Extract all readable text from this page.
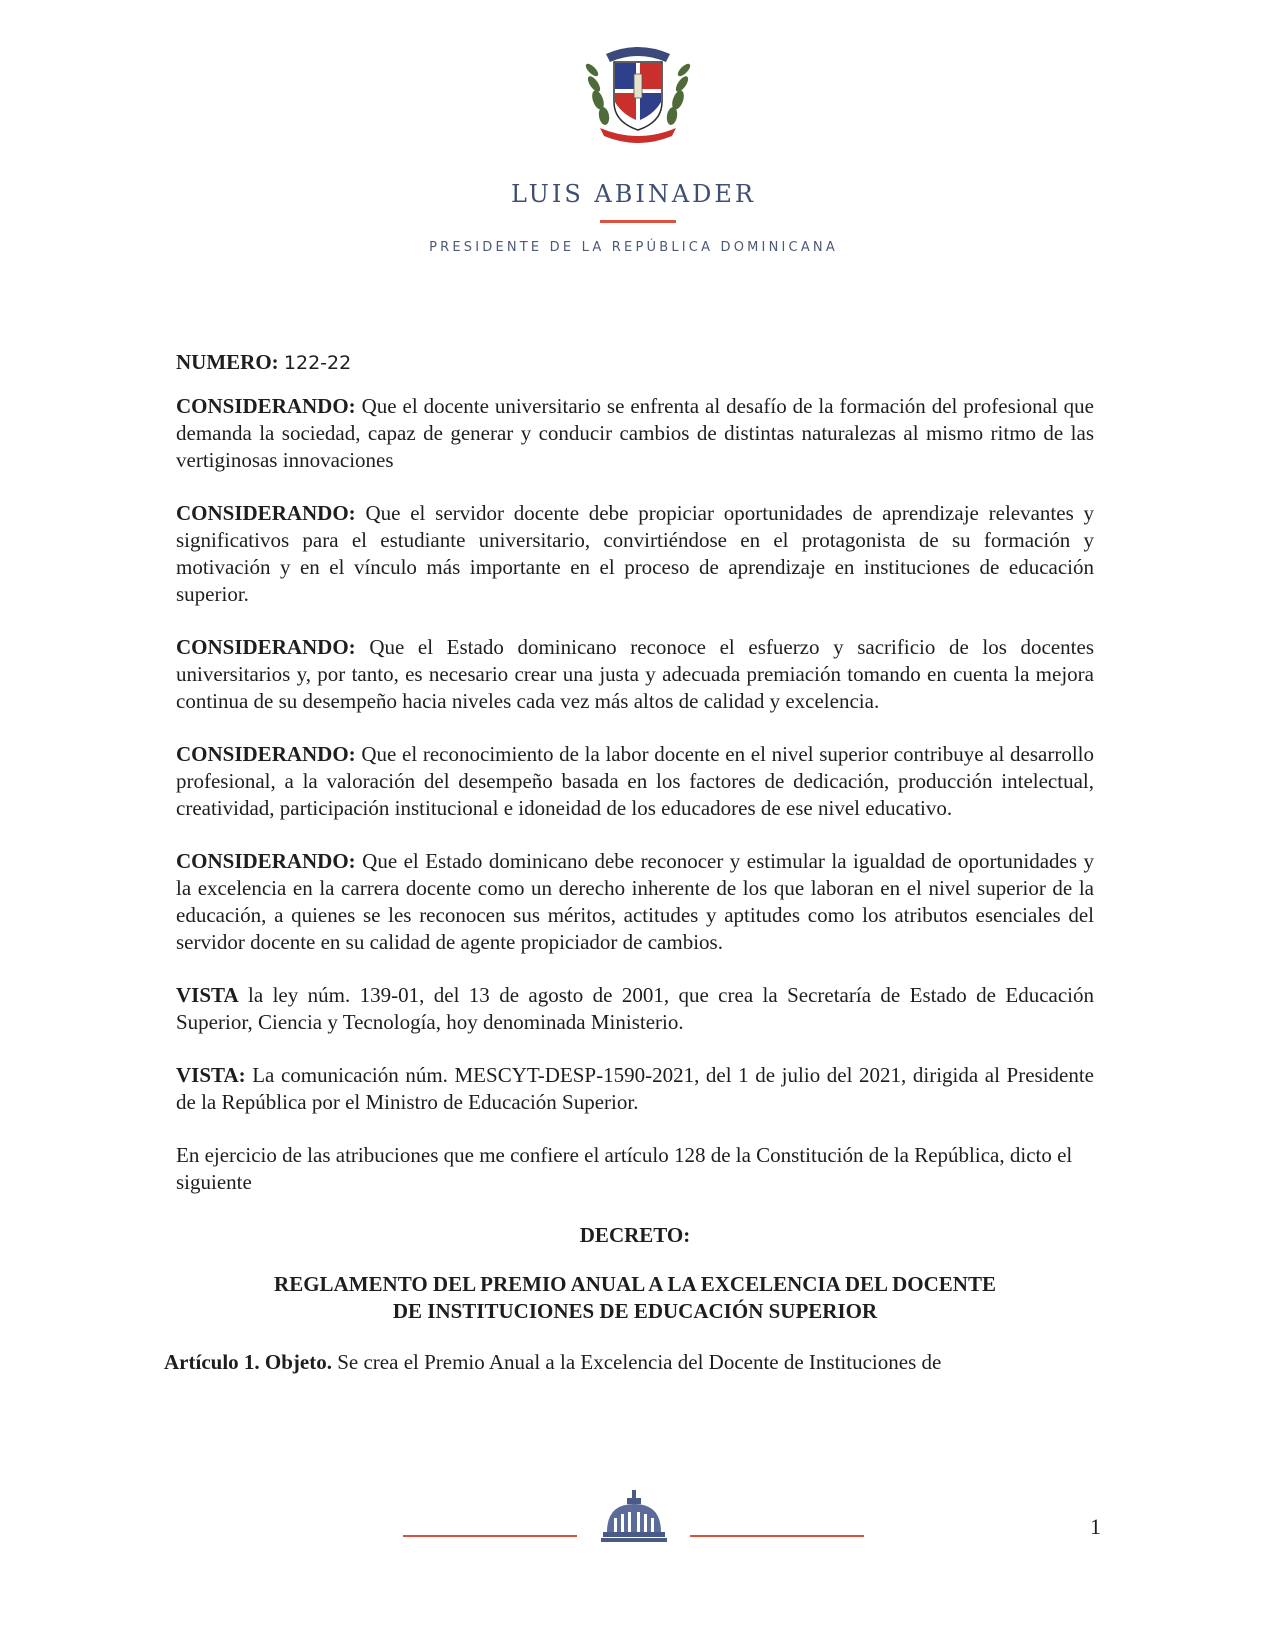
LUIS ABINADER
PRESIDENTE DE LA REPÚBLICA DOMINICANA

NUMERO: 122-22

CONSIDERANDO: Que el docente universitario se enfrenta al desafío de la formación del profesional que demanda la sociedad, capaz de generar y conducir cambios de distintas naturalezas al mismo ritmo de las vertiginosas innovaciones

CONSIDERANDO: Que el servidor docente debe propiciar oportunidades de aprendizaje relevantes y significativos para el estudiante universitario, convirtiéndose en el protagonista de su formación y motivación y en el vínculo más importante en el proceso de aprendizaje en instituciones de educación superior.

CONSIDERANDO: Que el Estado dominicano reconoce el esfuerzo y sacrificio de los docentes universitarios y, por tanto, es necesario crear una justa y adecuada premiación tomando en cuenta la mejora continua de su desempeño hacia niveles cada vez más altos de calidad y excelencia.

CONSIDERANDO: Que el reconocimiento de la labor docente en el nivel superior contribuye al desarrollo profesional, a la valoración del desempeño basada en los factores de dedicación, producción intelectual, creatividad, participación institucional e idoneidad de los educadores de ese nivel educativo.

CONSIDERANDO: Que el Estado dominicano debe reconocer y estimular la igualdad de oportunidades y la excelencia en la carrera docente como un derecho inherente de los que laboran en el nivel superior de la educación, a quienes se les reconocen sus méritos, actitudes y aptitudes como los atributos esenciales del servidor docente en su calidad de agente propiciador de cambios.

VISTA la ley núm. 139-01, del 13 de agosto de 2001, que crea la Secretaría de Estado de Educación Superior, Ciencia y Tecnología, hoy denominada Ministerio.

VISTA: La comunicación núm. MESCYT-DESP-1590-2021, del 1 de julio del 2021, dirigida al Presidente de la República por el Ministro de Educación Superior.

En ejercicio de las atribuciones que me confiere el artículo 128 de la Constitución de la República, dicto el siguiente

DECRETO:

REGLAMENTO DEL PREMIO ANUAL A LA EXCELENCIA DEL DOCENTE
DE INSTITUCIONES DE EDUCACIÓN SUPERIOR

Artículo 1. Objeto. Se crea el Premio Anual a la Excelencia del Docente de Instituciones de

1
